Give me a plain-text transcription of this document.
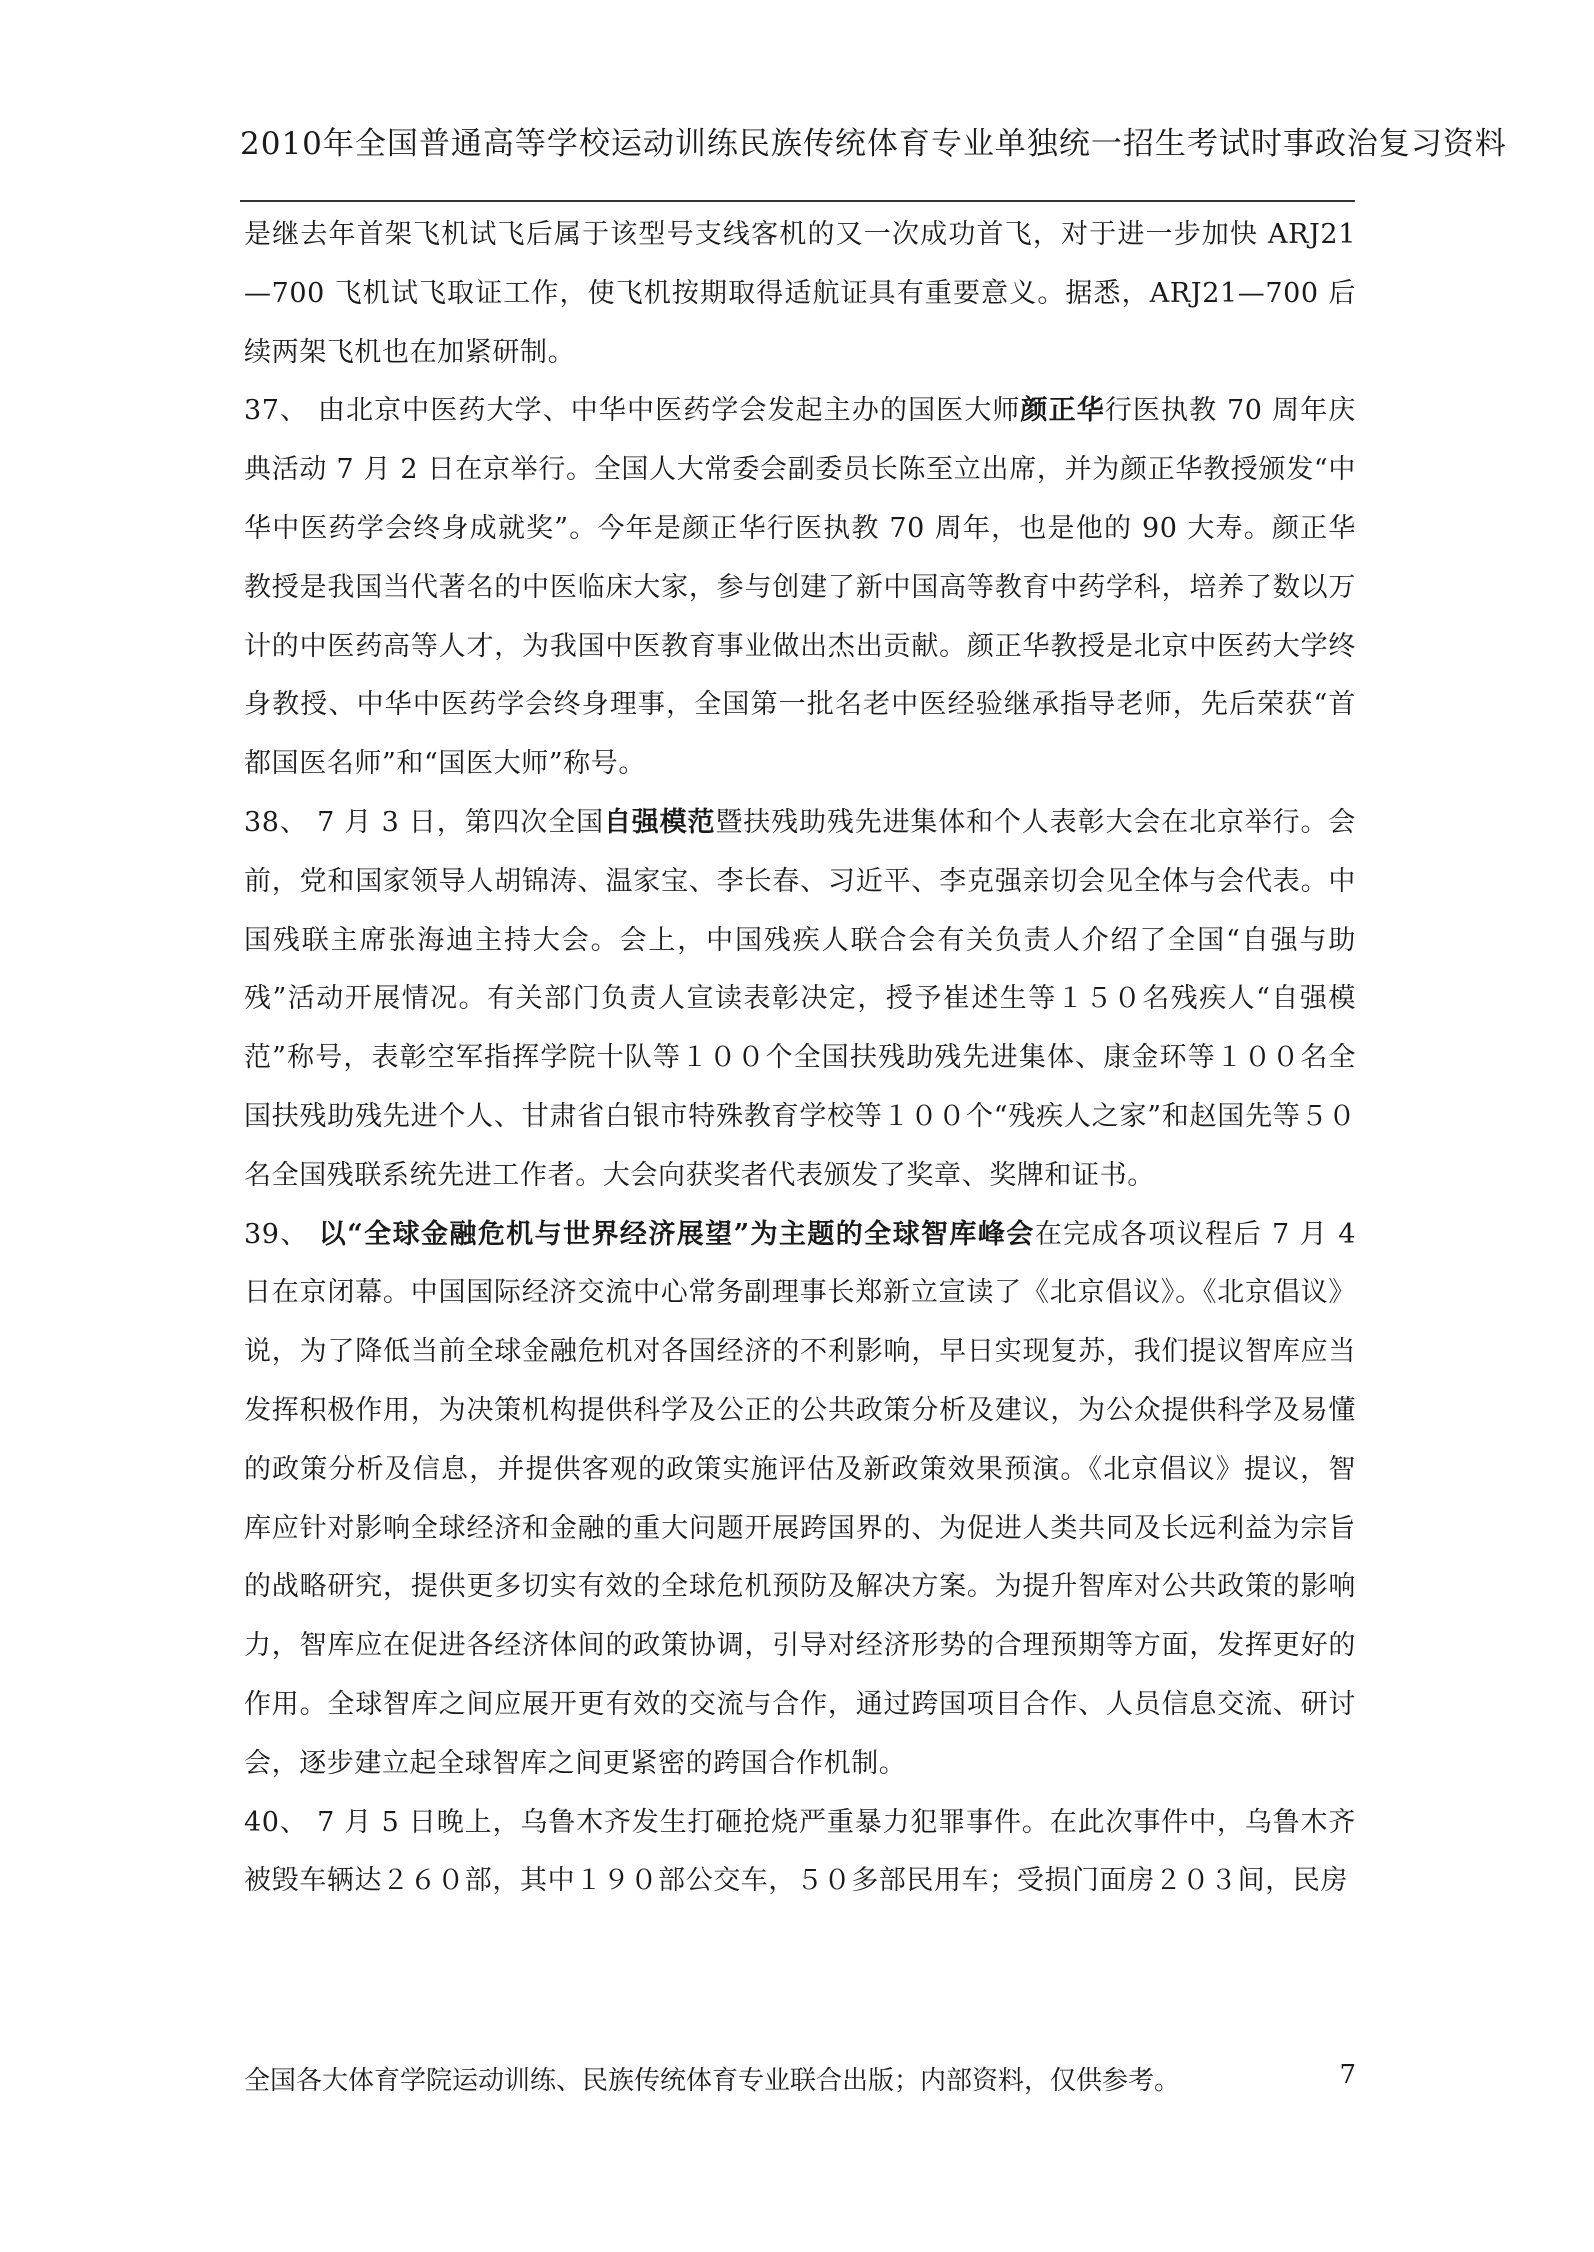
2010年全国普通高等学校运动训练民族传统体育专业单独统一招生考试时事政治复习资料

是继去年首架飞机试飞后属于该型号支线客机的又一次成功首飞，对于进一步加快 ARJ21—700 飞机试飞取证工作，使飞机按期取得适航证具有重要意义。据悉，ARJ21—700 后续两架飞机也在加紧研制。

37、 由北京中医药大学、中华中医药学会发起主办的国医大师颜正华行医执教 70 周年庆典活动 7 月 2 日在京举行。全国人大常委会副委员长陈至立出席，并为颜正华教授颁发“中华中医药学会终身成就奖”。今年是颜正华行医执教 70 周年，也是他的 90 大寿。颜正华教授是我国当代著名的中医临床大家，参与创建了新中国高等教育中药学科，培养了数以万计的中医药高等人才，为我国中医教育事业做出杰出贡献。颜正华教授是北京中医药大学终身教授、中华中医药学会终身理事，全国第一批名老中医经验继承指导老师，先后荣获“首都国医名师”和“国医大师”称号。

38、 7 月 3 日，第四次全国自强模范暨扶残助残先进集体和个人表彰大会在北京举行。会前，党和国家领导人胡锦涛、温家宝、李长春、习近平、李克强亲切会见全体与会代表。中国残联主席张海迪主持大会。会上，中国残疾人联合会有关负责人介绍了全国“自强与助残”活动开展情况。有关部门负责人宣读表彰决定，授予崔述生等１５０名残疾人“自强模范”称号，表彰空军指挥学院十队等１００个全国扶残助残先进集体、康金环等１００名全国扶残助残先进个人、甘肃省白银市特殊教育学校等１００个“残疾人之家”和赵国先等５０名全国残联系统先进工作者。大会向获奖者代表颁发了奖章、奖牌和证书。

39、 以“全球金融危机与世界经济展望”为主题的全球智库峰会在完成各项议程后 7 月 4 日在京闭幕。中国国际经济交流中心常务副理事长郑新立宣读了《北京倡议》。《北京倡议》说，为了降低当前全球金融危机对各国经济的不利影响，早日实现复苏，我们提议智库应当发挥积极作用，为决策机构提供科学及公正的公共政策分析及建议，为公众提供科学及易懂的政策分析及信息，并提供客观的政策实施评估及新政策效果预演。《北京倡议》提议，智库应针对影响全球经济和金融的重大问题开展跨国界的、为促进人类共同及长远利益为宗旨的战略研究，提供更多切实有效的全球危机预防及解决方案。为提升智库对公共政策的影响力，智库应在促进各经济体间的政策协调，引导对经济形势的合理预期等方面，发挥更好的作用。全球智库之间应展开更有效的交流与合作，通过跨国项目合作、人员信息交流、研讨会，逐步建立起全球智库之间更紧密的跨国合作机制。

40、 7 月 5 日晚上，乌鲁木齐发生打砸抢烧严重暴力犯罪事件。在此次事件中，乌鲁木齐被毁车辆达２６０部，其中１９０部公交车，５０多部民用车；受损门面房２０３间，民房

全国各大体育学院运动训练、民族传统体育专业联合出版；内部资料，仅供参考。	7
